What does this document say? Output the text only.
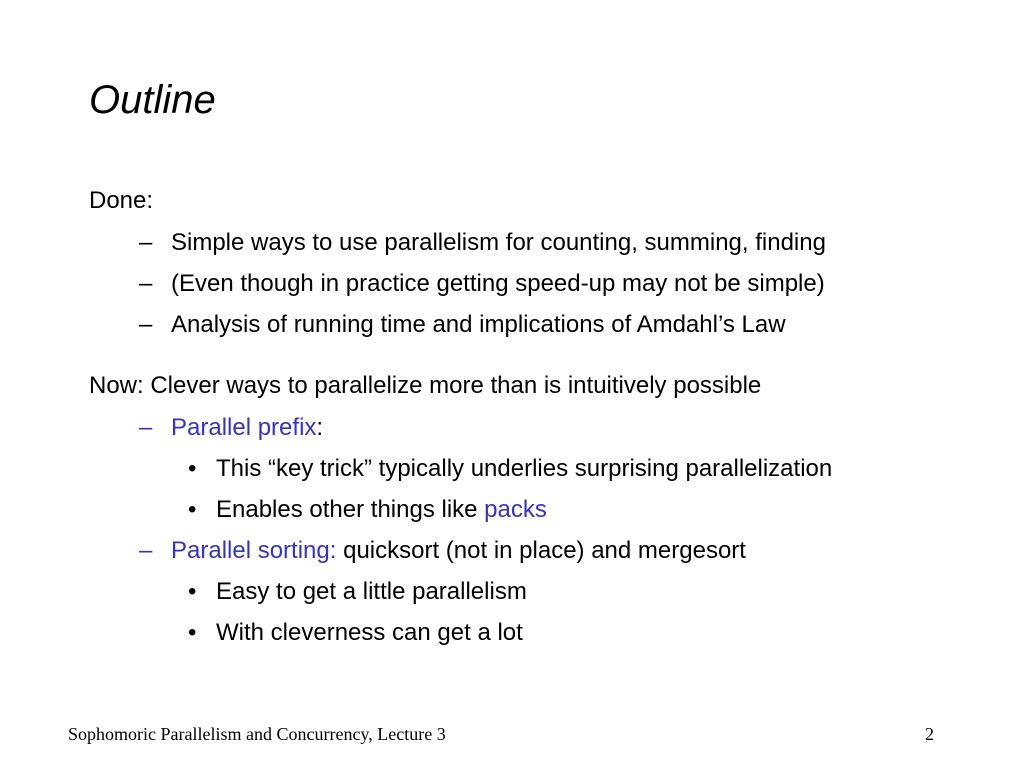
Outline
Done:
– Simple ways to use parallelism for counting, summing, finding
– (Even though in practice getting speed-up may not be simple)
– Analysis of running time and implications of Amdahl’s Law
Now: Clever ways to parallelize more than is intuitively possible
– Parallel prefix:
• This “key trick” typically underlies surprising parallelization
• Enables other things like packs
– Parallel sorting: quicksort (not in place) and mergesort
• Easy to get a little parallelism
• With cleverness can get a lot
Sophomoric Parallelism and Concurrency, Lecture 3	2
